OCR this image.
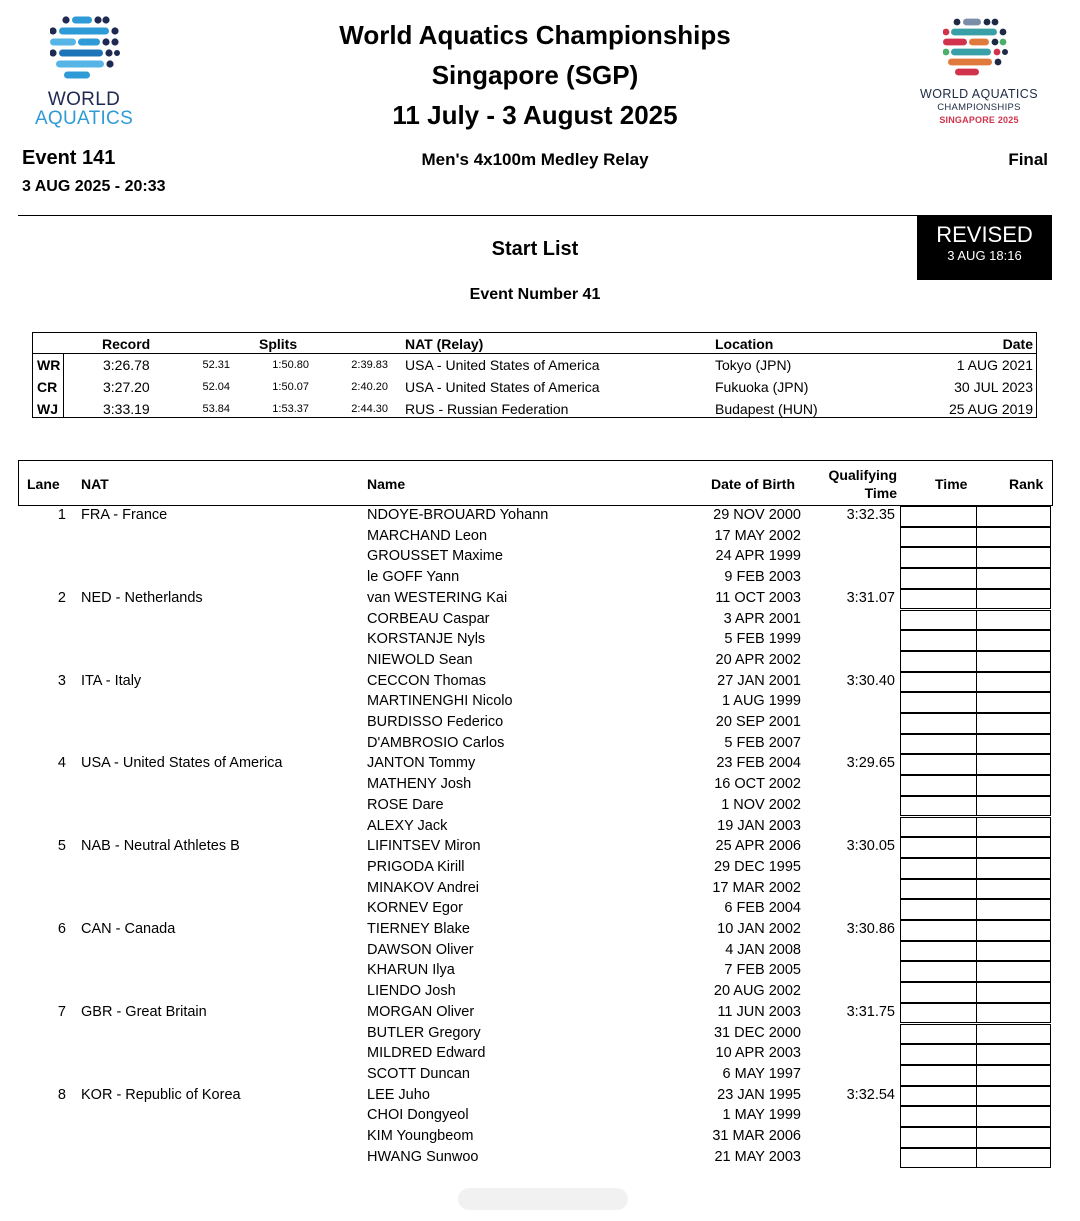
WORLD
AQUATICS
World Aquatics Championships
Singapore (SGP)
11 July - 3 August 2025
WORLD AQUATICS
CHAMPIONSHIPS
SINGAPORE 2025
Event 141
3 AUG 2025 - 20:33
Men's 4x100m Medley Relay	Final
REVISED
3 AUG 18:16
Start List
Event Number 41
Record	Splits	NAT (Relay)	Location	Date
WR	3:26.78	52.31	1:50.80	2:39.83 USA - United States of America	Tokyo (JPN)	1 AUG 2021
CR	3:27.20	52.04	1:50.07	2:40.20 USA - United States of America	Fukuoka (JPN)	30 JUL 2023
WJ	3:33.19	53.84	1:53.37	2:44.30 RUS - Russian Federation	Budapest (HUN)	25 AUG 2019
Lane NAT	Name	Date of Birth
Qualifying
Time
Time	Rank
1 FRA - France	NDOYE-BROUARD Yohann	29 NOV 2000	3:32.35
MARCHAND Leon	17 MAY 2002
GROUSSET Maxime	24 APR 1999
le GOFF Yann	9 FEB 2003
2 NED - Netherlands	van WESTERING Kai	11 OCT 2003	3:31.07
CORBEAU Caspar	3 APR 2001
KORSTANJE Nyls	5 FEB 1999
NIEWOLD Sean	20 APR 2002
3 ITA - Italy	CECCON Thomas	27 JAN 2001	3:30.40
MARTINENGHI Nicolo	1 AUG 1999
BURDISSO Federico	20 SEP 2001
D'AMBROSIO Carlos	5 FEB 2007
4 USA - United States of America	JANTON Tommy	23 FEB 2004	3:29.65
MATHENY Josh	16 OCT 2002
ROSE Dare	1 NOV 2002
ALEXY Jack	19 JAN 2003
5 NAB - Neutral Athletes B	LIFINTSEV Miron	25 APR 2006	3:30.05
PRIGODA Kirill	29 DEC 1995
MINAKOV Andrei	17 MAR 2002
KORNEV Egor	6 FEB 2004
6 CAN - Canada	TIERNEY Blake	10 JAN 2002	3:30.86
DAWSON Oliver	4 JAN 2008
KHARUN Ilya	7 FEB 2005
LIENDO Josh	20 AUG 2002
7 GBR - Great Britain	MORGAN Oliver	11 JUN 2003	3:31.75
BUTLER Gregory	31 DEC 2000
MILDRED Edward	10 APR 2003
SCOTT Duncan	6 MAY 1997
8 KOR - Republic of Korea	LEE Juho	23 JAN 1995	3:32.54
CHOI Dongyeol	1 MAY 1999
KIM Youngbeom	31 MAR 2006
HWANG Sunwoo	21 MAY 2003
